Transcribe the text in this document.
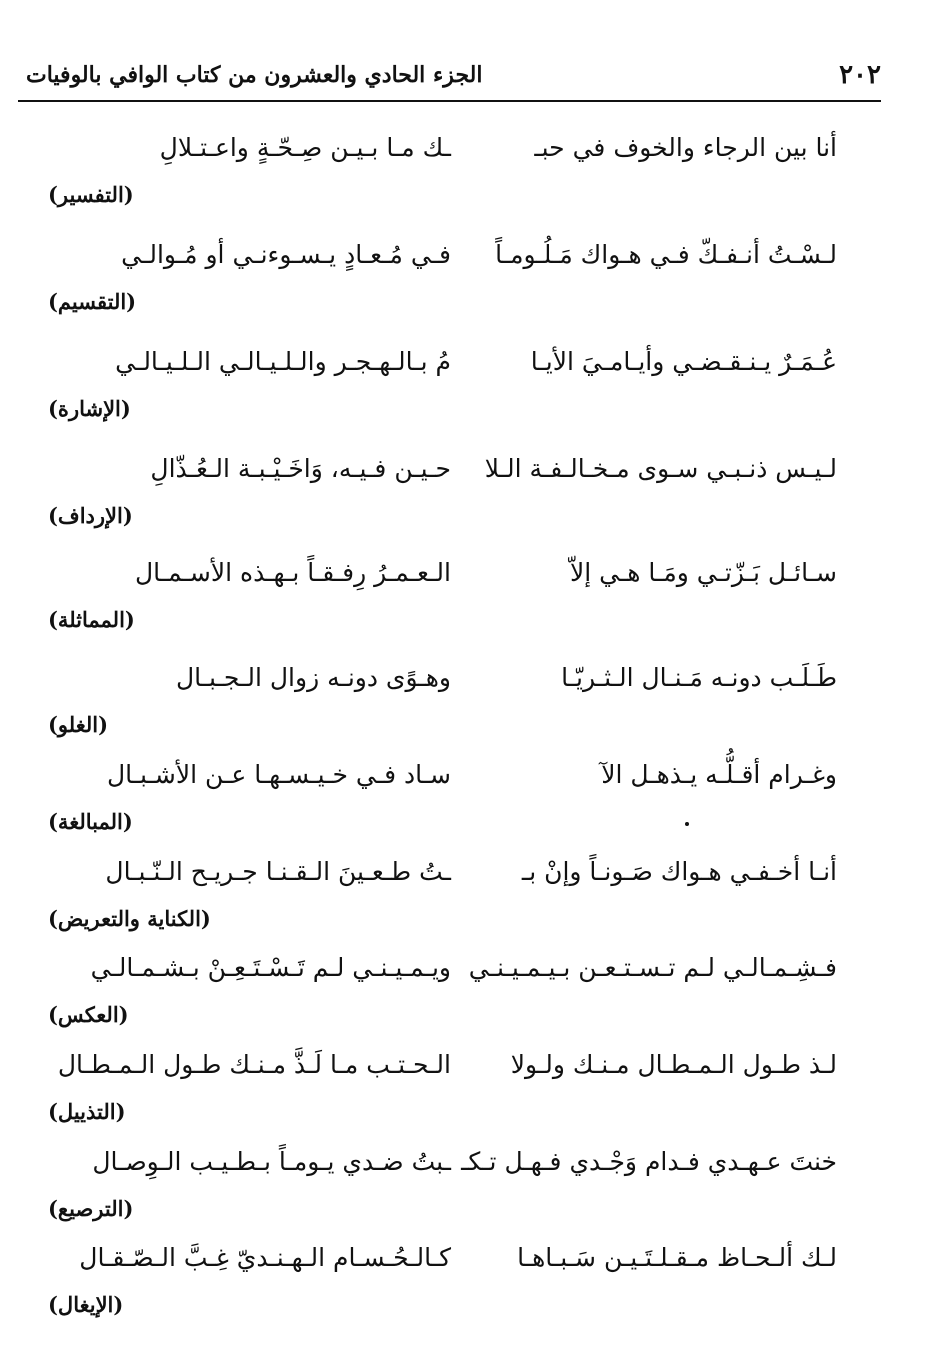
٢٠٢
الجزء الحادي والعشرون من كتاب الوافي بالوفيات
أنا بين الرجاء والخوف في حبـ
ـك مـا بـيـن صِـحّـةٍ واعـتـلالِ
(التفسير)
لـسْـتُ أنـفـكّ فـي هـواك مَـلُـومـاً
فـي مُـعـادٍ يـسـوءنـي أو مُـوالـي
(التقسيم)
عُـمَـرٌ يـنـقـضـي وأيـامـيَ الأيـا
مُ بـالـهـجـر والـلـيـالـي الـلـيـالـي
(الإشارة)
لـيـس ذنـبـي سـوى مـخـالـفـة الـلا
حـيـن فـيـه، وَاخَـيْـبـة الـعُـذّالِ
(الإرداف)
سـائـل بَـزّتـي ومَـا هـي إلاّ
الـعـمـرُ رِفـقـاً بـهـذه الأسـمـال
(المماثلة)
طَـلَـب دونـه مَـنـال الـثـريّـا
وهـوًى دونـه زوال الـجـبـال
(الغلو)
وغـرام أقـلُّـه يـذهـل الآ
سـاد فـي خـيـسـهـا عـن الأشـبـال
(المبالغة)
أنـا أخـفـي هـواك صَـونـاً وإنْ بـ
ـتُ طـعـينَ الـقـنـا جـريـح الـنّـبـال
(الكناية والتعريض)
فـشِـمـالـي لـم تـسـتـعـن بـيـمـيـنـي
ويـمـيـنـي لـم تَـسْـتَـعِـنْ بـشـمـالـي
(العكس)
لـذ طـول الـمـطـال مـنـك ولـولا
الـحـتـب مـا لَـذَّ مـنـك طـول الـمـطـال
(التذييل)
خنتَ عـهـدي فـدام وَجْـدي فـهـل تـكـ
ـبتُ ضـدي يـومـاً بـطـيـب الـوِصـال
(الترصيع)
لـك ألـحـاظ مـقـلـتَـيـن سَـبـاهـا
كـالـحُـسـام الـهـنـديّ غِـبَّ الـصّـقـال
(الإيغال)
